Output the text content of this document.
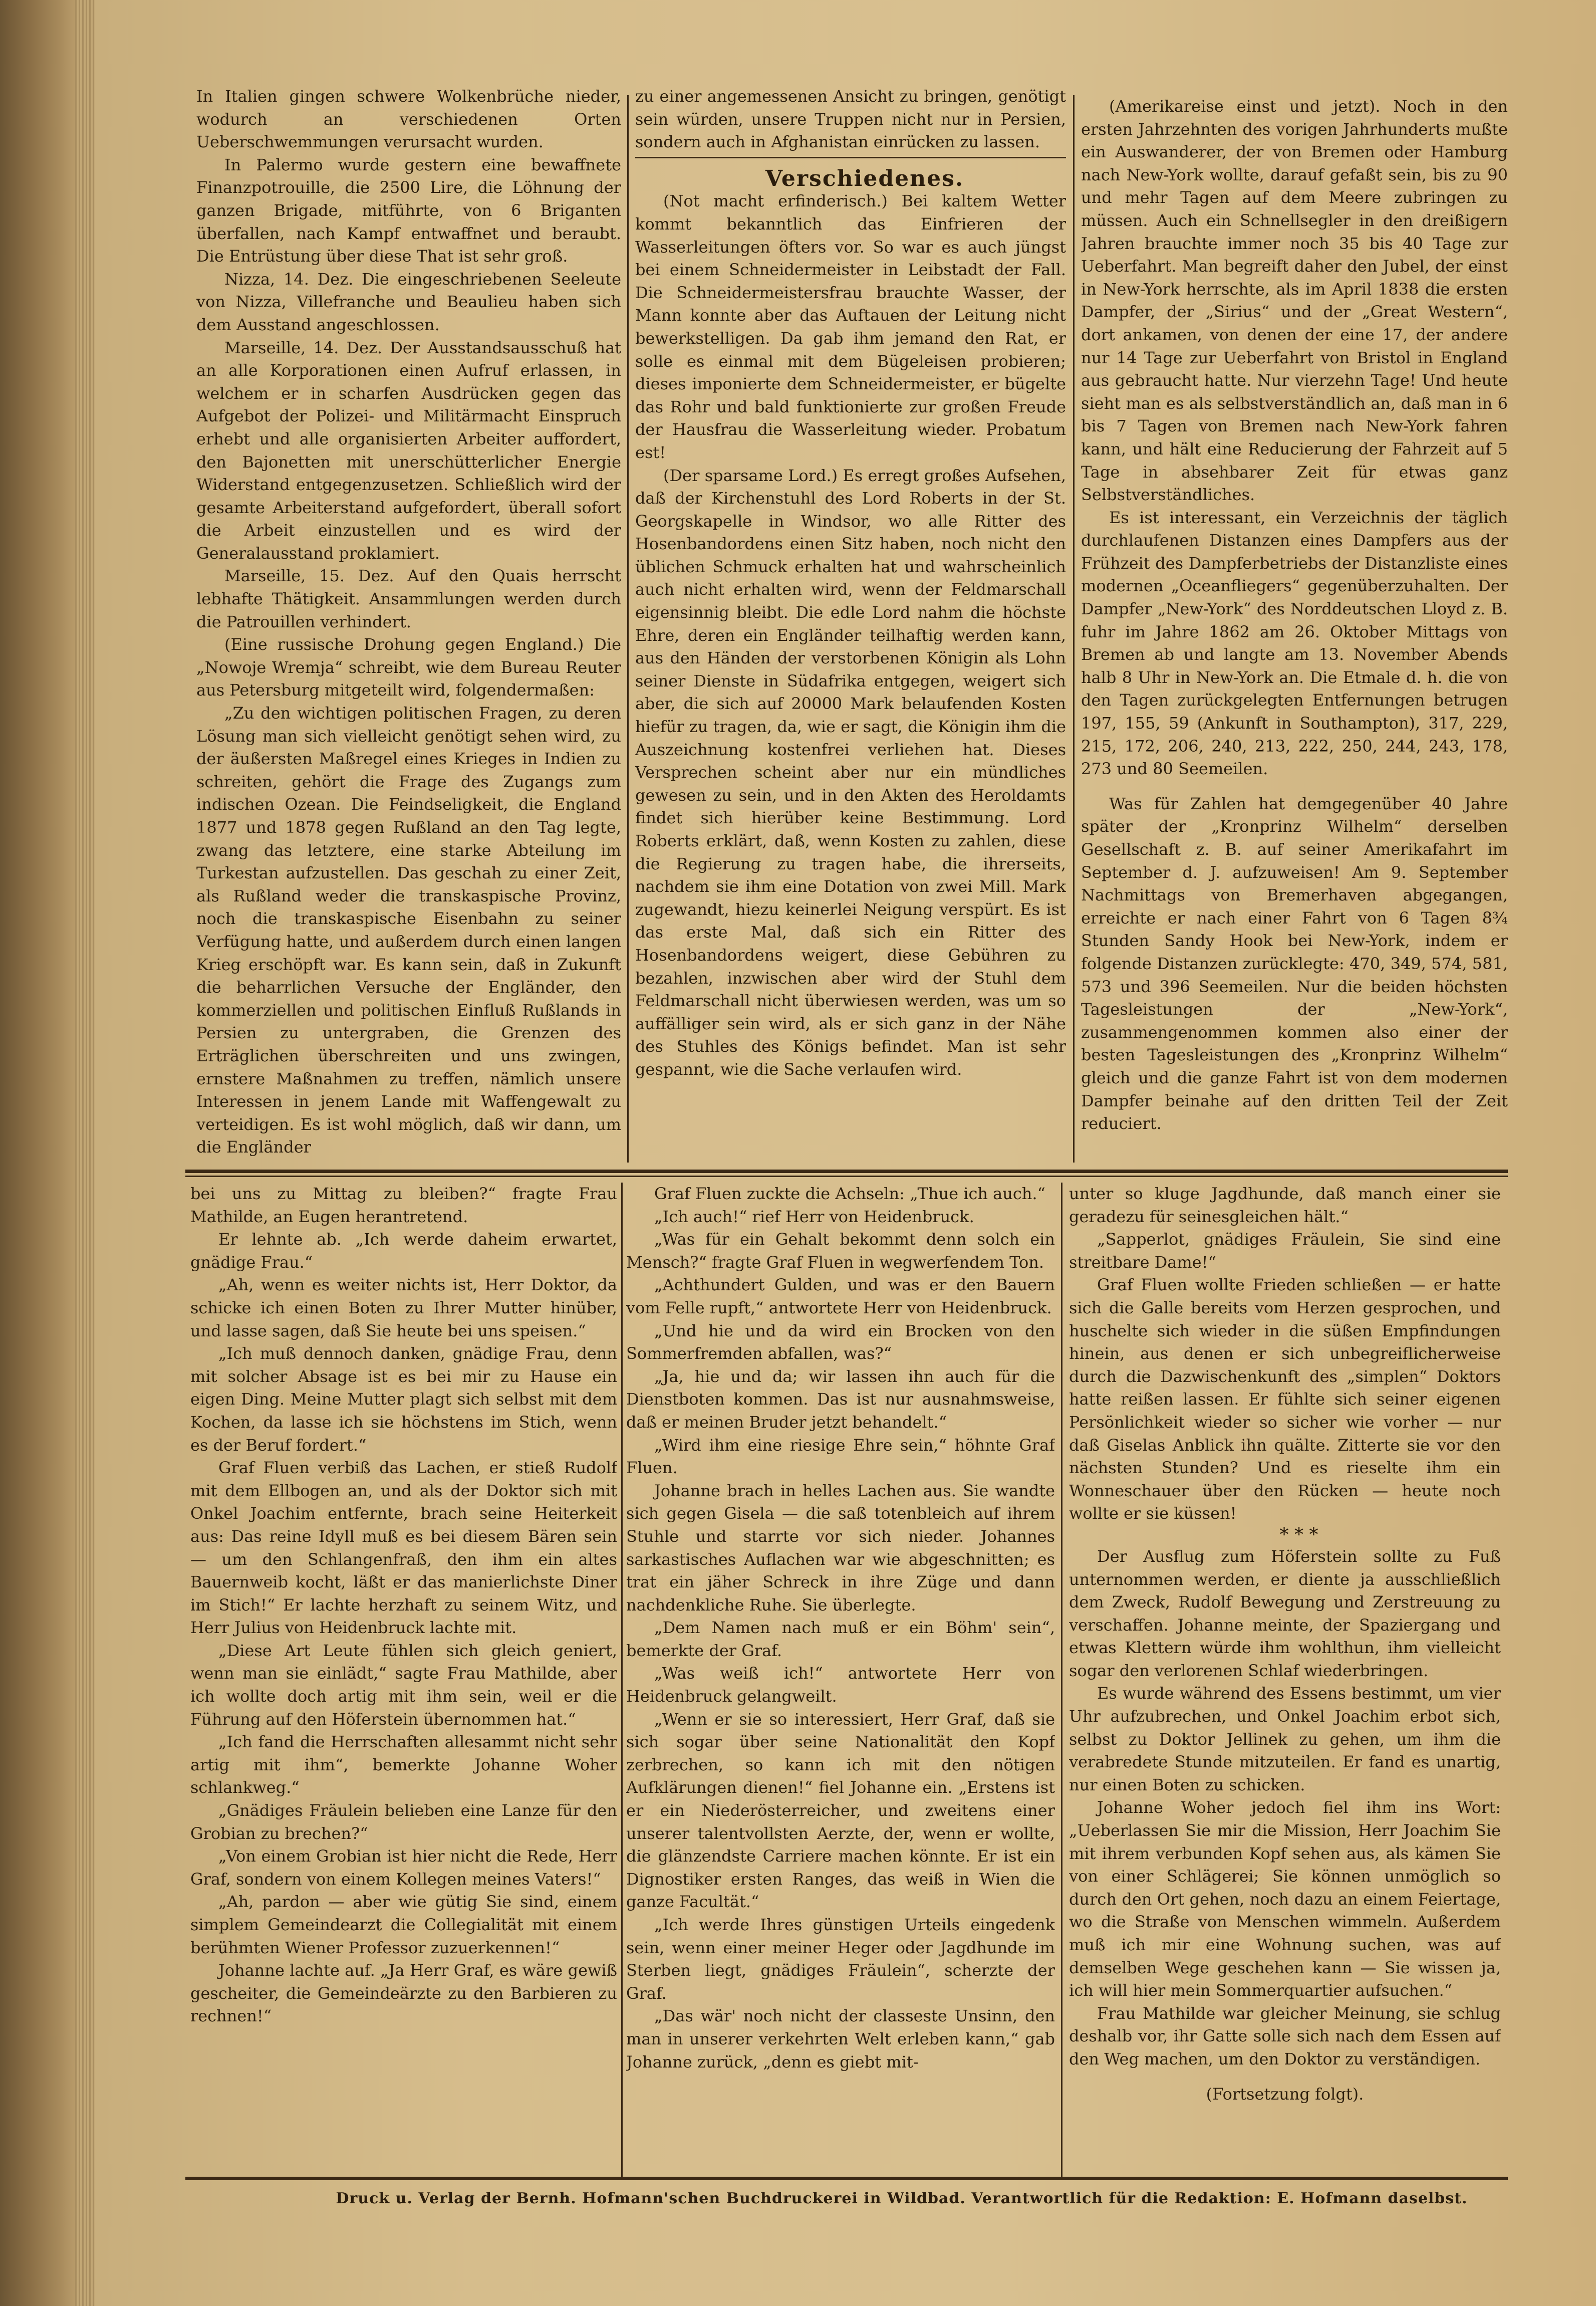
In Italien gingen schwere Wolkenbrüche nieder, wodurch an verschiedenen Orten Ueberschwemmungen verursacht wurden.

In Palermo wurde gestern eine bewaffnete Finanzpotrouille, die 2500 Lire, die Löhnung der ganzen Brigade, mitführte, von 6 Briganten überfallen, nach Kampf entwaffnet und beraubt. Die Entrüstung über diese That ist sehr groß.

Nizza, 14. Dez. Die eingeschriebenen Seeleute von Nizza, Villefranche und Beaulieu haben sich dem Ausstand angeschlossen.

Marseille, 14. Dez. Der Ausstandsausschuß hat an alle Korporationen einen Aufruf erlassen, in welchem er in scharfen Ausdrücken gegen das Aufgebot der Polizei- und Militärmacht Einspruch erhebt und alle organisierten Arbeiter auffordert, den Bajonetten mit unerschütterlicher Energie Widerstand entgegenzusetzen. Schließlich wird der gesamte Arbeiterstand aufgefordert, überall sofort die Arbeit einzustellen und es wird der Generalausstand proklamiert.

Marseille, 15. Dez. Auf den Quais herrscht lebhafte Thätigkeit. Ansammlungen werden durch die Patrouillen verhindert.

(Eine russische Drohung gegen England.) Die „Nowoje Wremja“ schreibt, wie dem Bureau Reuter aus Petersburg mitgeteilt wird, folgendermaßen:

„Zu den wichtigen politischen Fragen, zu deren Lösung man sich vielleicht genötigt sehen wird, zu der äußersten Maßregel eines Krieges in Indien zu schreiten, gehört die Frage des Zugangs zum indischen Ozean. Die Feindseligkeit, die England 1877 und 1878 gegen Rußland an den Tag legte, zwang das letztere, eine starke Abteilung im Turkestan aufzustellen. Das geschah zu einer Zeit, als Rußland weder die transkaspische Provinz, noch die transkaspische Eisenbahn zu seiner Verfügung hatte, und außerdem durch einen langen Krieg erschöpft war. Es kann sein, daß in Zukunft die beharrlichen Versuche der Engländer, den kommerziellen und politischen Einfluß Rußlands in Persien zu untergraben, die Grenzen des Erträglichen überschreiten und uns zwingen, ernstere Maßnahmen zu treffen, nämlich unsere Interessen in jenem Lande mit Waffengewalt zu verteidigen. Es ist wohl möglich, daß wir dann, um die Engländer

zu einer angemessenen Ansicht zu bringen, genötigt sein würden, unsere Truppen nicht nur in Persien, sondern auch in Afghanistan einrücken zu lassen.

Verschiedenes.

(Not macht erfinderisch.) Bei kaltem Wetter kommt bekanntlich das Einfrieren der Wasserleitungen öfters vor. So war es auch jüngst bei einem Schneidermeister in Leibstadt der Fall. Die Schneidermeistersfrau brauchte Wasser, der Mann konnte aber das Auftauen der Leitung nicht bewerkstelligen. Da gab ihm jemand den Rat, er solle es einmal mit dem Bügeleisen probieren; dieses imponierte dem Schneidermeister, er bügelte das Rohr und bald funktionierte zur großen Freude der Hausfrau die Wasserleitung wieder. Probatum est!

(Der sparsame Lord.) Es erregt großes Aufsehen, daß der Kirchenstuhl des Lord Roberts in der St. Georgskapelle in Windsor, wo alle Ritter des Hosenbandordens einen Sitz haben, noch nicht den üblichen Schmuck erhalten hat und wahrscheinlich auch nicht erhalten wird, wenn der Feldmarschall eigensinnig bleibt. Die edle Lord nahm die höchste Ehre, deren ein Engländer teilhaftig werden kann, aus den Händen der verstorbenen Königin als Lohn seiner Dienste in Südafrika entgegen, weigert sich aber, die sich auf 20000 Mark belaufenden Kosten hiefür zu tragen, da, wie er sagt, die Königin ihm die Auszeichnung kostenfrei verliehen hat. Dieses Versprechen scheint aber nur ein mündliches gewesen zu sein, und in den Akten des Heroldamts findet sich hierüber keine Bestimmung. Lord Roberts erklärt, daß, wenn Kosten zu zahlen, diese die Regierung zu tragen habe, die ihrerseits, nachdem sie ihm eine Dotation von zwei Mill. Mark zugewandt, hiezu keinerlei Neigung verspürt. Es ist das erste Mal, daß sich ein Ritter des Hosenbandordens weigert, diese Gebühren zu bezahlen, inzwischen aber wird der Stuhl dem Feldmarschall nicht überwiesen werden, was um so auffälliger sein wird, als er sich ganz in der Nähe des Stuhles des Königs befindet. Man ist sehr gespannt, wie die Sache verlaufen wird.

(Amerikareise einst und jetzt). Noch in den ersten Jahrzehnten des vorigen Jahrhunderts mußte ein Auswanderer, der von Bremen oder Hamburg nach New-York wollte, darauf gefaßt sein, bis zu 90 und mehr Tagen auf dem Meere zubringen zu müssen. Auch ein Schnellsegler in den dreißigern Jahren brauchte immer noch 35 bis 40 Tage zur Ueberfahrt. Man begreift daher den Jubel, der einst in New-York herrschte, als im April 1838 die ersten Dampfer, der „Sirius“ und der „Great Western“, dort ankamen, von denen der eine 17, der andere nur 14 Tage zur Ueberfahrt von Bristol in England aus gebraucht hatte. Nur vierzehn Tage! Und heute sieht man es als selbstverständlich an, daß man in 6 bis 7 Tagen von Bremen nach New-York fahren kann, und hält eine Reducierung der Fahrzeit auf 5 Tage in absehbarer Zeit für etwas ganz Selbstverständliches.

Es ist interessant, ein Verzeichnis der täglich durchlaufenen Distanzen eines Dampfers aus der Frühzeit des Dampferbetriebs der Distanzliste eines modernen „Oceanfliegers“ gegenüberzuhalten. Der Dampfer „New-York“ des Norddeutschen Lloyd z. B. fuhr im Jahre 1862 am 26. Oktober Mittags von Bremen ab und langte am 13. November Abends halb 8 Uhr in New-York an. Die Etmale d. h. die von den Tagen zurückgelegten Entfernungen betrugen 197, 155, 59 (Ankunft in Southampton), 317, 229, 215, 172, 206, 240, 213, 222, 250, 244, 243, 178, 273 und 80 Seemeilen.

Was für Zahlen hat demgegenüber 40 Jahre später der „Kronprinz Wilhelm“ derselben Gesellschaft z. B. auf seiner Amerikafahrt im September d. J. aufzuweisen! Am 9. September Nachmittags von Bremerhaven abgegangen, erreichte er nach einer Fahrt von 6 Tagen 8¾ Stunden Sandy Hook bei New-York, indem er folgende Distanzen zurücklegte: 470, 349, 574, 581, 573 und 396 Seemeilen. Nur die beiden höchsten Tagesleistungen der „New-York“, zusammengenommen kommen also einer der besten Tagesleistungen des „Kronprinz Wilhelm“ gleich und die ganze Fahrt ist von dem modernen Dampfer beinahe auf den dritten Teil der Zeit reduciert.

bei uns zu Mittag zu bleiben?“ fragte Frau Mathilde, an Eugen herantretend.

Er lehnte ab. „Ich werde daheim erwartet, gnädige Frau.“

„Ah, wenn es weiter nichts ist, Herr Doktor, da schicke ich einen Boten zu Ihrer Mutter hinüber, und lasse sagen, daß Sie heute bei uns speisen.“

„Ich muß dennoch danken, gnädige Frau, denn mit solcher Absage ist es bei mir zu Hause ein eigen Ding. Meine Mutter plagt sich selbst mit dem Kochen, da lasse ich sie höchstens im Stich, wenn es der Beruf fordert.“

Graf Fluen verbiß das Lachen, er stieß Rudolf mit dem Ellbogen an, und als der Doktor sich mit Onkel Joachim entfernte, brach seine Heiterkeit aus: Das reine Idyll muß es bei diesem Bären sein — um den Schlangenfraß, den ihm ein altes Bauernweib kocht, läßt er das manierlichste Diner im Stich!“ Er lachte herzhaft zu seinem Witz, und Herr Julius von Heidenbruck lachte mit.

„Diese Art Leute fühlen sich gleich geniert, wenn man sie einlädt,“ sagte Frau Mathilde, aber ich wollte doch artig mit ihm sein, weil er die Führung auf den Höferstein übernommen hat.“

„Ich fand die Herrschaften allesammt nicht sehr artig mit ihm“, bemerkte Johanne Woher schlankweg.“

„Gnädiges Fräulein belieben eine Lanze für den Grobian zu brechen?“

„Von einem Grobian ist hier nicht die Rede, Herr Graf, sondern von einem Kollegen meines Vaters!“

„Ah, pardon — aber wie gütig Sie sind, einem simplem Gemeindearzt die Collegialität mit einem berühmten Wiener Professor zuzuerkennen!“

Johanne lachte auf. „Ja Herr Graf, es wäre gewiß gescheiter, die Gemeindeärzte zu den Barbieren zu rechnen!“

Graf Fluen zuckte die Achseln: „Thue ich auch.“

„Ich auch!“ rief Herr von Heidenbruck.

„Was für ein Gehalt bekommt denn solch ein Mensch?“ fragte Graf Fluen in wegwerfendem Ton.

„Achthundert Gulden, und was er den Bauern vom Felle rupft,“ antwortete Herr von Heidenbruck.

„Und hie und da wird ein Brocken von den Sommerfremden abfallen, was?“

„Ja, hie und da; wir lassen ihn auch für die Dienstboten kommen. Das ist nur ausnahmsweise, daß er meinen Bruder jetzt behandelt.“

„Wird ihm eine riesige Ehre sein,“ höhnte Graf Fluen.

Johanne brach in helles Lachen aus. Sie wandte sich gegen Gisela — die saß totenbleich auf ihrem Stuhle und starrte vor sich nieder. Johannes sarkastisches Auflachen war wie abgeschnitten; es trat ein jäher Schreck in ihre Züge und dann nachdenkliche Ruhe. Sie überlegte.

„Dem Namen nach muß er ein Böhm' sein“, bemerkte der Graf.

„Was weiß ich!“ antwortete Herr von Heidenbruck gelangweilt.

„Wenn er sie so interessiert, Herr Graf, daß sie sich sogar über seine Nationalität den Kopf zerbrechen, so kann ich mit den nötigen Aufklärungen dienen!“ fiel Johanne ein. „Erstens ist er ein Niederösterreicher, und zweitens einer unserer talentvollsten Aerzte, der, wenn er wollte, die glänzendste Carriere machen könnte. Er ist ein Dignostiker ersten Ranges, das weiß in Wien die ganze Facultät.“

„Ich werde Ihres günstigen Urteils eingedenk sein, wenn einer meiner Heger oder Jagdhunde im Sterben liegt, gnädiges Fräulein“, scherzte der Graf.

„Das wär' noch nicht der classeste Unsinn, den man in unserer verkehrten Welt erleben kann,“ gab Johanne zurück, „denn es giebt mit-

unter so kluge Jagdhunde, daß manch einer sie geradezu für seinesgleichen hält.“

„Sapperlot, gnädiges Fräulein, Sie sind eine streitbare Dame!“

Graf Fluen wollte Frieden schließen — er hatte sich die Galle bereits vom Herzen gesprochen, und huschelte sich wieder in die süßen Empfindungen hinein, aus denen er sich unbegreiflicherweise durch die Dazwischenkunft des „simplen“ Doktors hatte reißen lassen. Er fühlte sich seiner eigenen Persönlichkeit wieder so sicher wie vorher — nur daß Giselas Anblick ihn quälte. Zitterte sie vor den nächsten Stunden? Und es rieselte ihm ein Wonneschauer über den Rücken — heute noch wollte er sie küssen!

* * *

Der Ausflug zum Höferstein sollte zu Fuß unternommen werden, er diente ja ausschließlich dem Zweck, Rudolf Bewegung und Zerstreuung zu verschaffen. Johanne meinte, der Spaziergang und etwas Klettern würde ihm wohlthun, ihm vielleicht sogar den verlorenen Schlaf wiederbringen.

Es wurde während des Essens bestimmt, um vier Uhr aufzubrechen, und Onkel Joachim erbot sich, selbst zu Doktor Jellinek zu gehen, um ihm die verabredete Stunde mitzuteilen. Er fand es unartig, nur einen Boten zu schicken.

Johanne Woher jedoch fiel ihm ins Wort: „Ueberlassen Sie mir die Mission, Herr Joachim Sie mit ihrem verbunden Kopf sehen aus, als kämen Sie von einer Schlägerei; Sie können unmöglich so durch den Ort gehen, noch dazu an einem Feiertage, wo die Straße von Menschen wimmeln. Außerdem muß ich mir eine Wohnung suchen, was auf demselben Wege geschehen kann — Sie wissen ja, ich will hier mein Sommerquartier aufsuchen.“

Frau Mathilde war gleicher Meinung, sie schlug deshalb vor, ihr Gatte solle sich nach dem Essen auf den Weg machen, um den Doktor zu verständigen.

(Fortsetzung folgt).

Druck u. Verlag der Bernh. Hofmann'schen Buchdruckerei in Wildbad. Verantwortlich für die Redaktion: E. Hofmann daselbst.
